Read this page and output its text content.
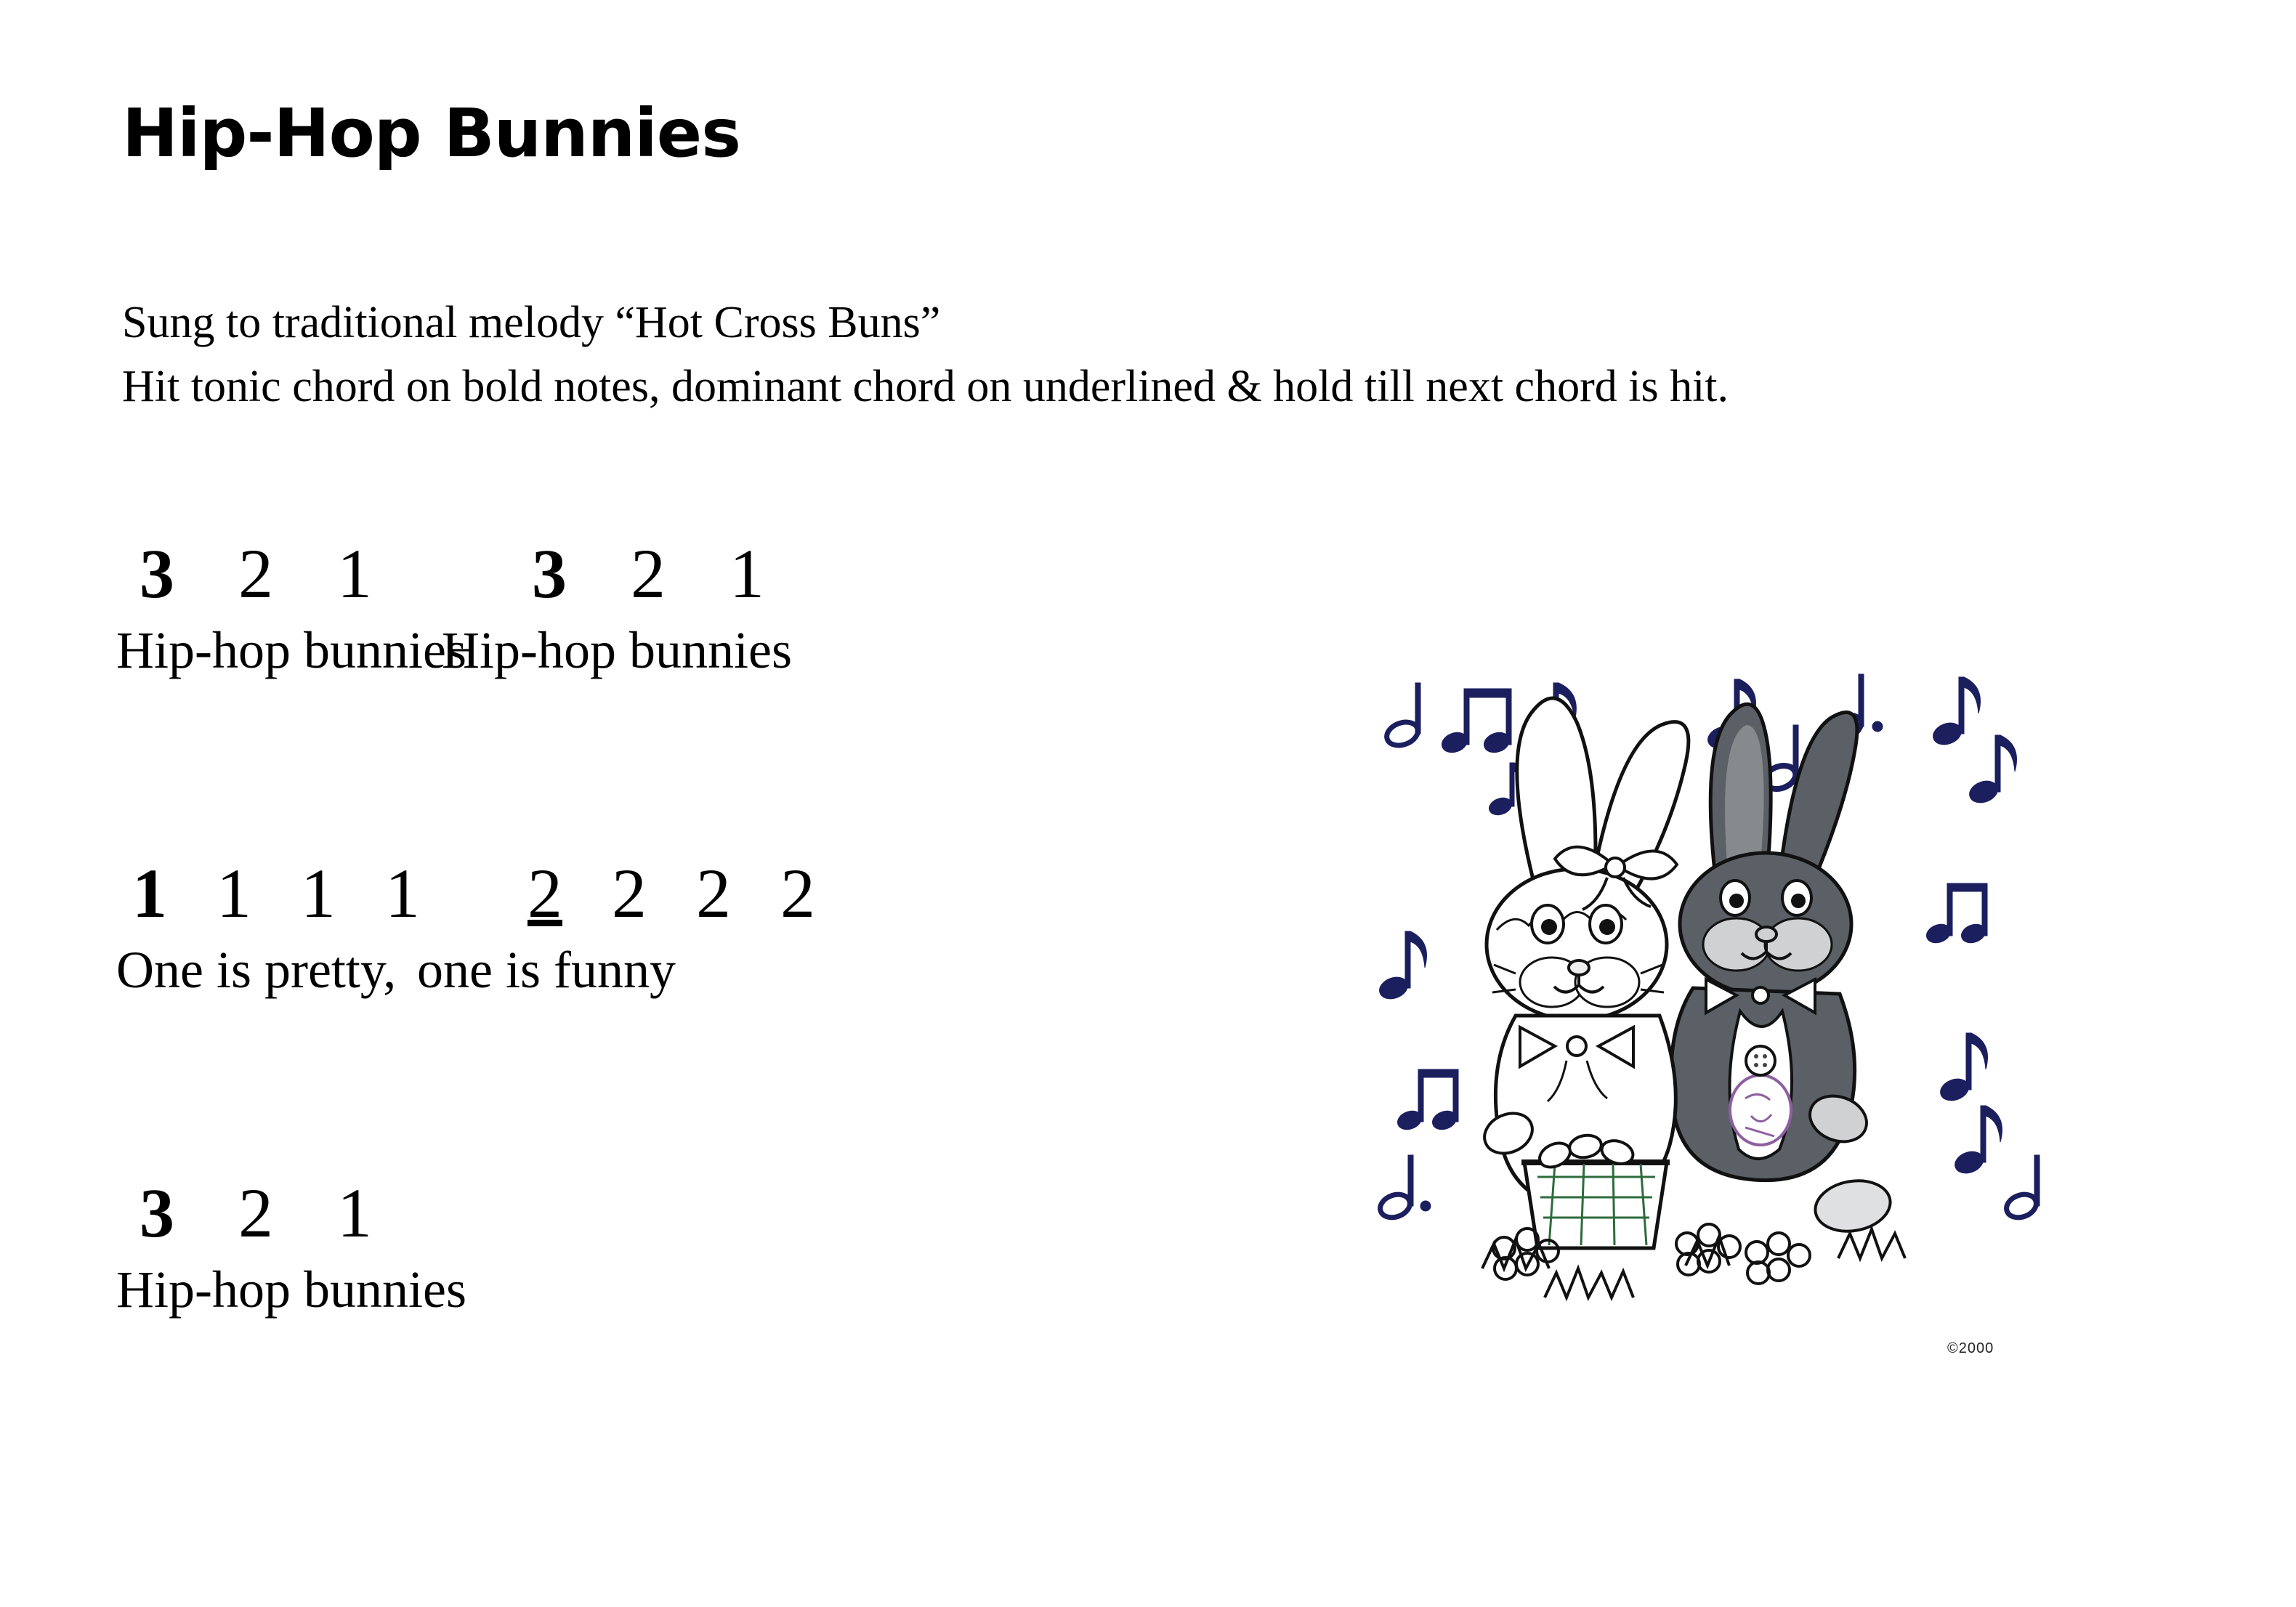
Hip-Hop Bunnies
Sung to traditional melody “Hot Cross Buns”
Hit tonic chord on bold notes, dominant chord on underlined & hold till next chord is hit.
3 2 1 3 2 1
Hip-hop bunnies Hip-hop bunnies
1 1 1 1 2 2 2 2
One is pretty, one is funny
3 2 1
Hip-hop bunnies
©2000
